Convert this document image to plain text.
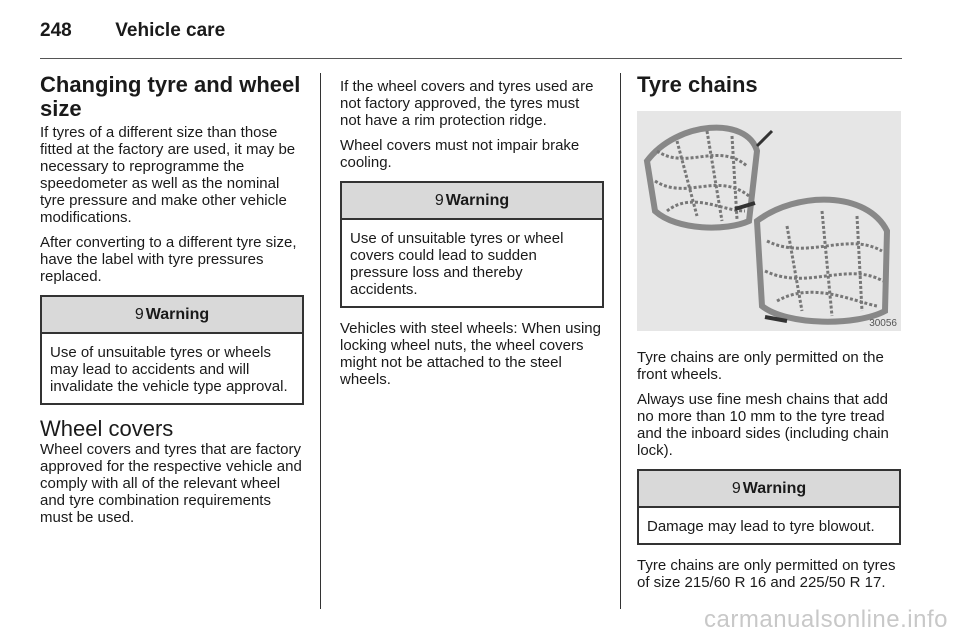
248 Vehicle care
Changing tyre and wheel size

If tyres of a different size than those fitted at the factory are used, it may be necessary to reprogramme the speedometer as well as the nominal tyre pressure and make other vehicle modifications.

After converting to a different tyre size, have the label with tyre pressures replaced.

9 Warning
Use of unsuitable tyres or wheels may lead to accidents and will invalidate the vehicle type approval.
Wheel covers

Wheel covers and tyres that are factory approved for the respective vehicle and comply with all of the relevant wheel and tyre combination requirements must be used.

If the wheel covers and tyres used are not factory approved, the tyres must not have a rim protection ridge.

Wheel covers must not impair brake cooling.

9 Warning
Use of unsuitable tyres or wheel covers could lead to sudden pressure loss and thereby accidents.

Vehicles with steel wheels: When using locking wheel nuts, the wheel covers might not be attached to the steel wheels.

Tyre chains
30056

Tyre chains are only permitted on the front wheels.

Always use fine mesh chains that add no more than 10 mm to the tyre tread and the inboard sides (including chain lock).

9 Warning
Damage may lead to tyre blowout.

Tyre chains are only permitted on tyres of size 215/60 R 16 and 225/50 R 17.

carmanualsonline.info
